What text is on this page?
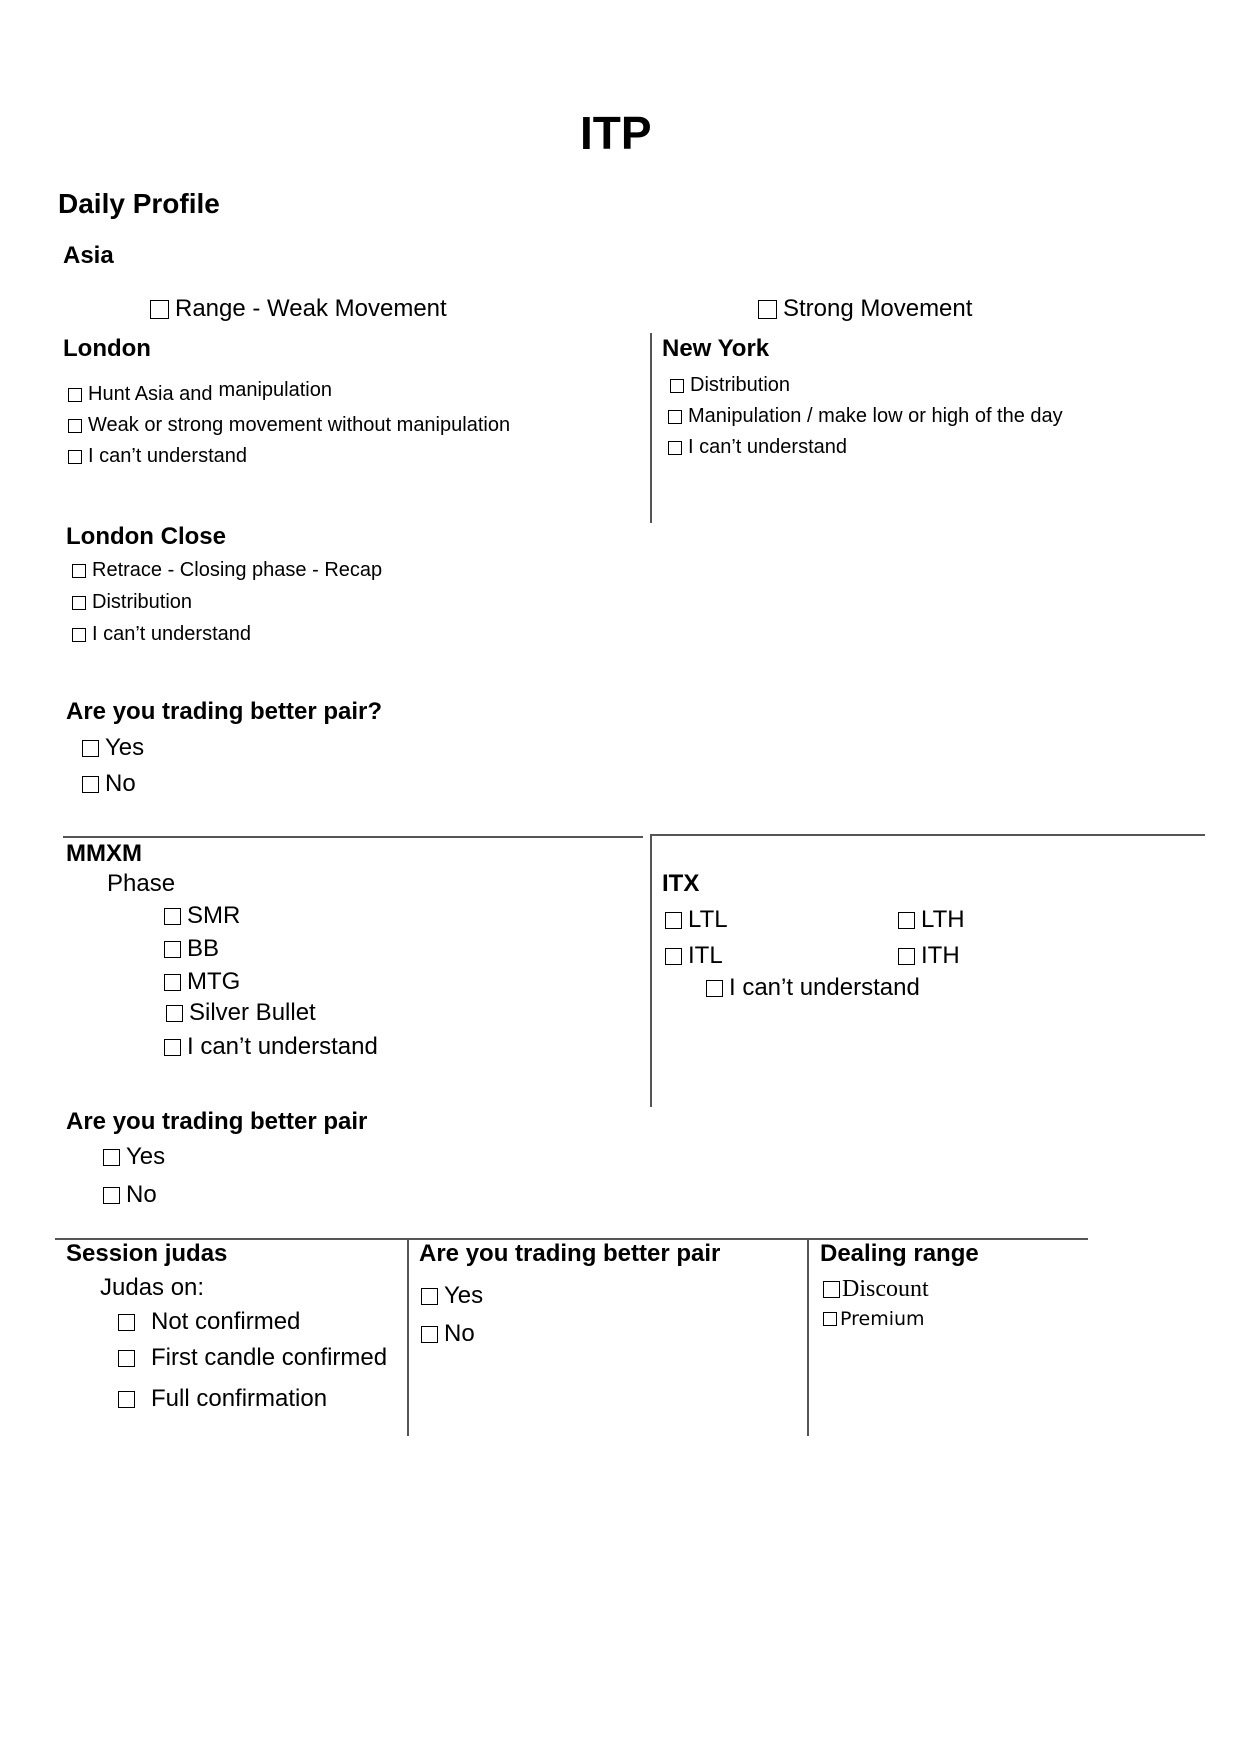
ITP
Daily Profile
Asia
Range - Weak Movement	Strong Movement
London
Hunt Asia and manipulation
Weak or strong movement without manipulation
I can’t understand
New York
Distribution
Manipulation / make low or high of the day
I can’t understand
London Close
Retrace - Closing phase - Recap
Distribution
I can’t understand
Are you trading better pair?
Yes
No
MMXM
Phase
SMR
BB
MTG
Silver Bullet
I can’t understand
ITX
LTL	LTH
ITL	ITH
I can’t understand
Are you trading better pair
Yes
No
Session judas
Judas on:
Not confirmed
First candle confirmed
Full confirmation
Are you trading better pair
Yes
No
Dealing range
Discount
Premium
